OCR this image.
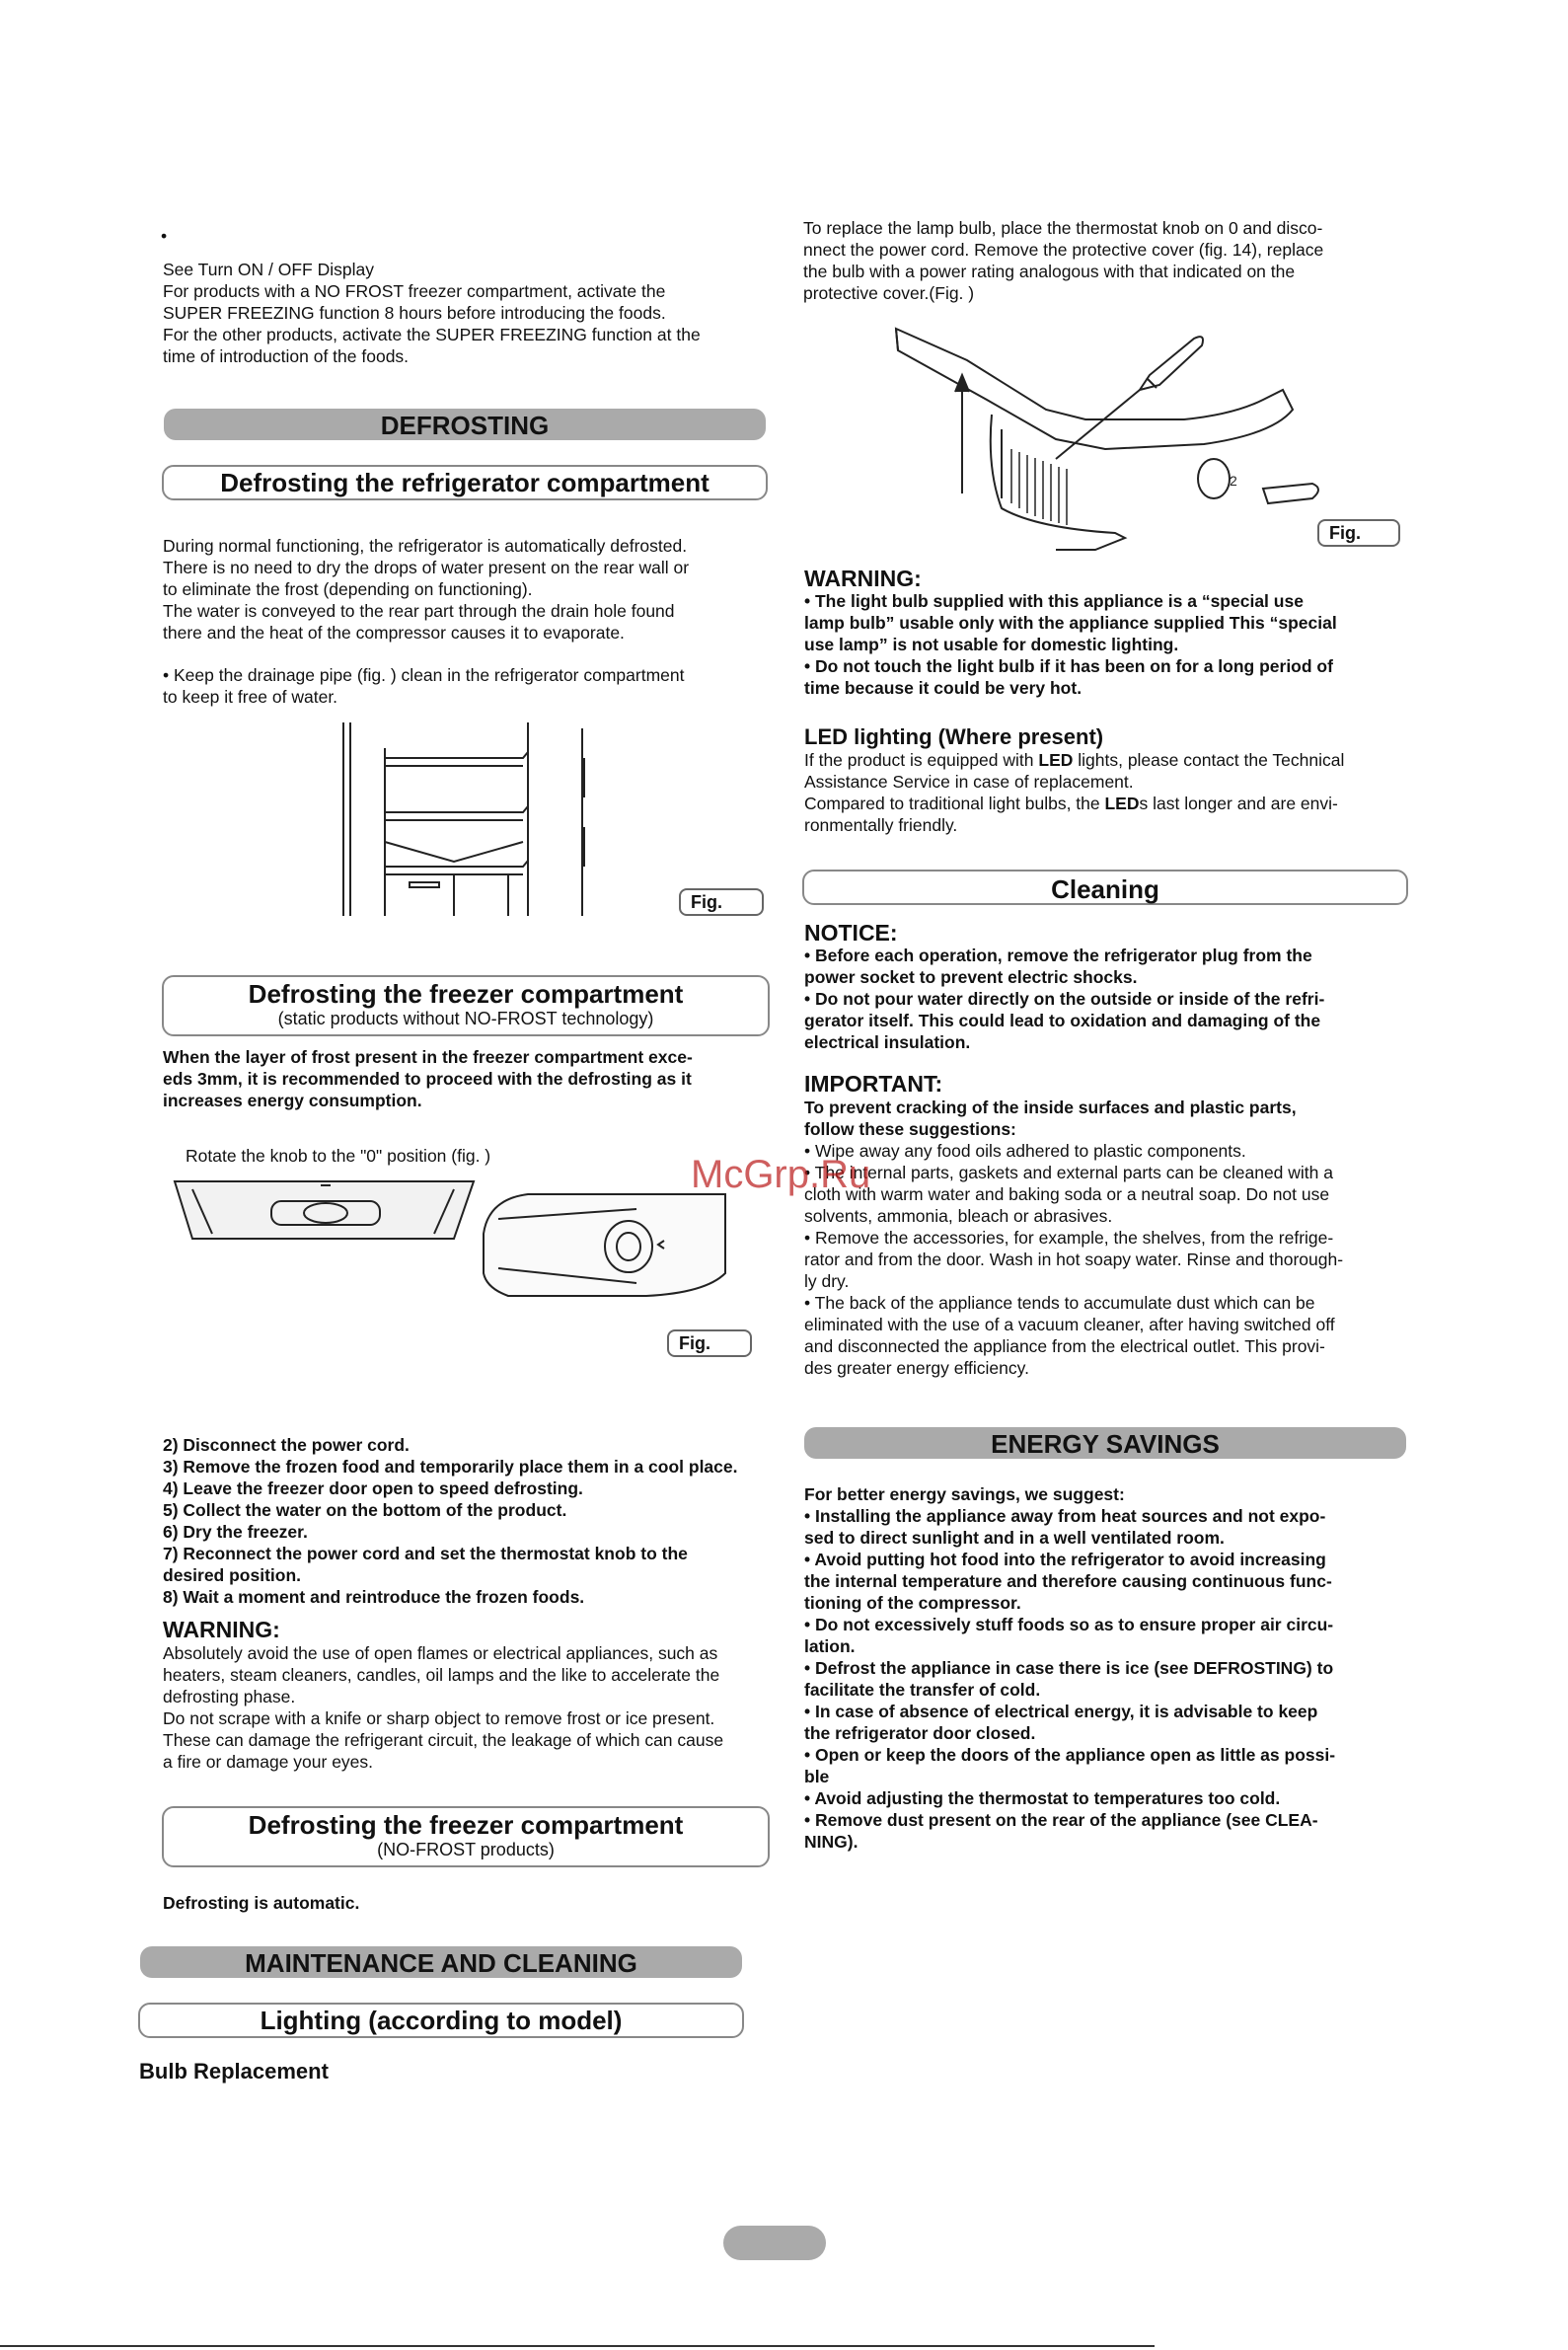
•

See Turn ON / OFF Display

For products with a NO FROST freezer compartment, activate the

SUPER FREEZING function 8 hours before introducing the foods.

For the other products, activate the SUPER FREEZING function at the

time of introduction of the foods.

DEFROSTING
Defrosting the refrigerator compartment

During normal functioning, the refrigerator is automatically defrosted.

There is no need to dry the drops of water present on the rear wall or

to eliminate the frost (depending on functioning).

The water is conveyed to the rear part through the drain hole found

there and the heat of the compressor causes it to evaporate.

• Keep the drainage pipe (fig. ) clean in the refrigerator compartment

to keep it free of water.

Fig.
Defrosting the freezer compartment
(static products without NO-FROST technology)

When the layer of frost present in the freezer compartment exce-

eds 3mm, it is recommended to proceed with the defrosting as it

increases energy consumption.

Rotate the knob to the "0" position (fig. )
Fig.

2) Disconnect the power cord.

3) Remove the frozen food and temporarily place them in a cool place.

4) Leave the freezer door open to speed defrosting.

5) Collect the water on the bottom of the product.

6) Dry the freezer.

7) Reconnect the power cord and set the thermostat knob to the

desired position.

8) Wait a moment and reintroduce the frozen foods.

WARNING:

Absolutely avoid the use of open flames or electrical appliances, such as

heaters, steam cleaners, candles, oil lamps and the like to accelerate the

defrosting phase.

Do not scrape with a knife or sharp object to remove frost or ice present.

These can damage the refrigerant circuit, the leakage of which can cause

a fire or damage your eyes.

Defrosting the freezer compartment
(NO-FROST products)
Defrosting is automatic.
MAINTENANCE AND CLEANING
Lighting (according to model)
Bulb Replacement

To replace the lamp bulb, place the thermostat knob on 0 and disco-

nnect the power cord. Remove the protective cover (fig. 14), replace

the bulb with a power rating analogous with that indicated on the

protective cover.(Fig. )

2
Fig.
WARNING:

• The light bulb supplied with this appliance is a “special use

lamp bulb” usable only with the appliance supplied This “special

use lamp” is not usable for domestic lighting.

• Do not touch the light bulb if it has been on for a long period of

time because it could be very hot.

LED lighting (Where present)

If the product is equipped with LED lights, please contact the Technical

Assistance Service in case of replacement.

Compared to traditional light bulbs, the LEDs last longer and are envi-

ronmentally friendly.

Cleaning
NOTICE:

• Before each operation, remove the refrigerator plug from the

power socket to prevent electric shocks.

• Do not pour water directly on the outside or inside of the refri-

gerator itself. This could lead to oxidation and damaging of the

electrical insulation.

IMPORTANT:

To prevent cracking of the inside surfaces and plastic parts,

follow these suggestions:

• Wipe away any food oils adhered to plastic components.

• The internal parts, gaskets and external parts can be cleaned with a

cloth with warm water and baking soda or a neutral soap. Do not use

solvents, ammonia, bleach or abrasives.

• Remove the accessories, for example, the shelves, from the refrige-

rator and from the door. Wash in hot soapy water. Rinse and thorough-

ly dry.

• The back of the appliance tends to accumulate dust which can be

eliminated with the use of a vacuum cleaner, after having switched off

and disconnected the appliance from the electrical outlet. This provi-

des greater energy efficiency.

ENERGY SAVINGS

For better energy savings, we suggest:

• Installing the appliance away from heat sources and not expo-

sed to direct sunlight and in a well ventilated room.

• Avoid putting hot food into the refrigerator to avoid increasing

the internal temperature and therefore causing continuous func-

tioning of the compressor.

• Do not excessively stuff foods so as to ensure proper air circu-

lation.

• Defrost the appliance in case there is ice (see DEFROSTING) to

facilitate the transfer of cold.

• In case of absence of electrical energy, it is advisable to keep

the refrigerator door closed.

• Open or keep the doors of the appliance open as little as possi-

ble

• Avoid adjusting the thermostat to temperatures too cold.

• Remove dust present on the rear of the appliance (see CLEA-

NING).

McGrp.Ru
